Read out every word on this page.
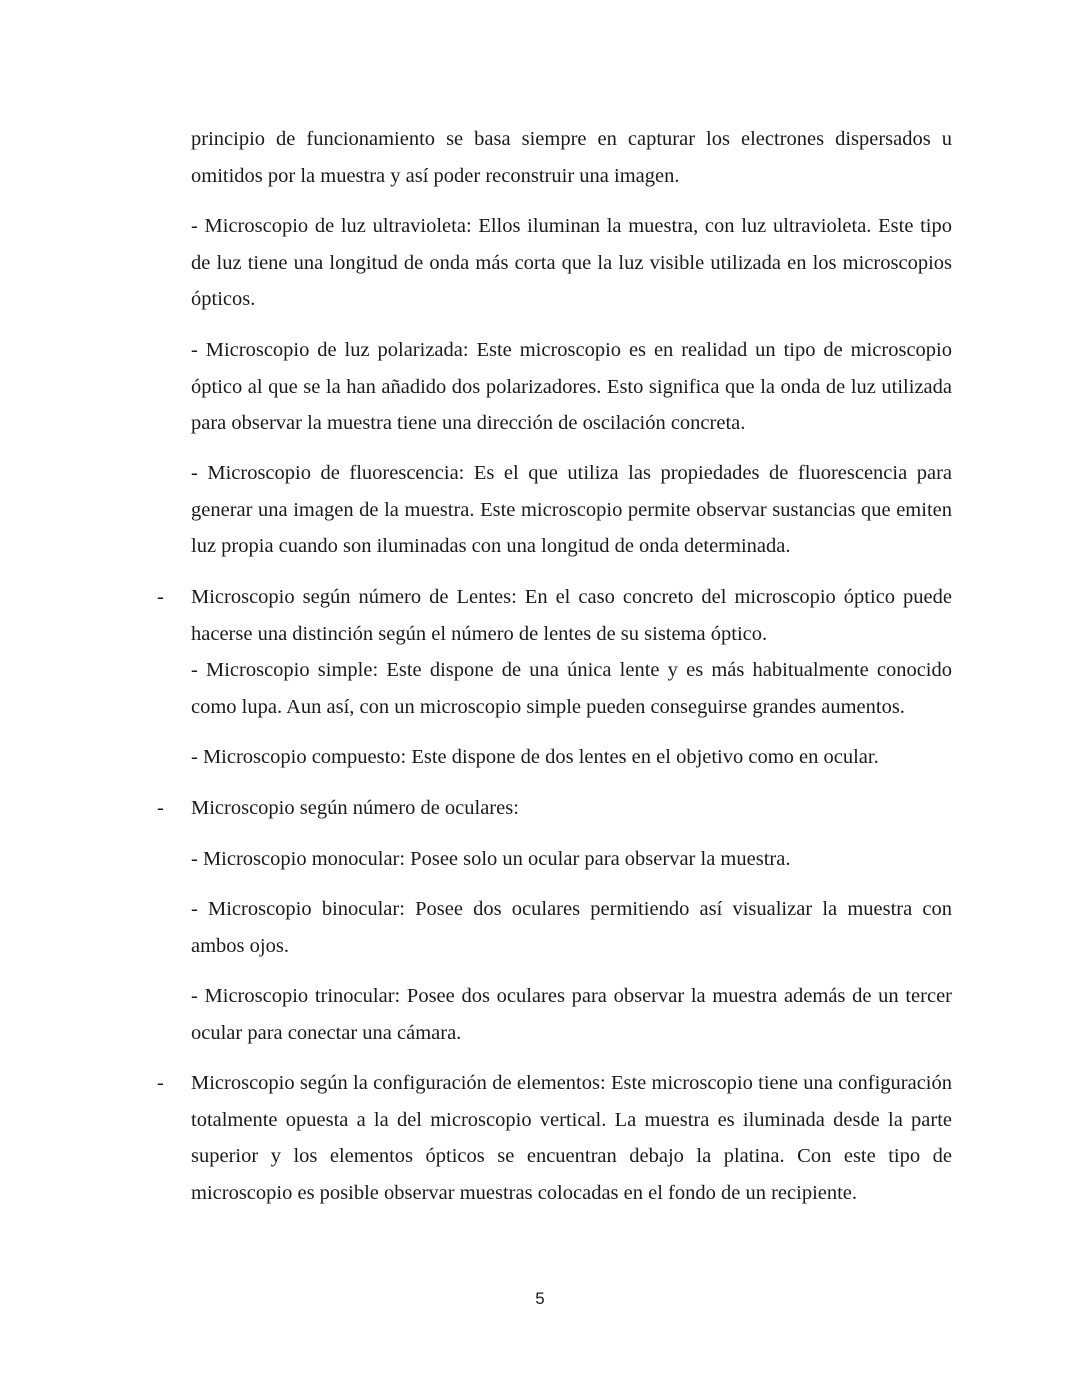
principio de funcionamiento se basa siempre en capturar los electrones dispersados u omitidos por la muestra y así poder reconstruir una imagen.

- Microscopio de luz ultravioleta: Ellos iluminan la muestra, con luz ultravioleta. Este tipo de luz tiene una longitud de onda más corta que la luz visible utilizada en los microscopios ópticos.

- Microscopio de luz polarizada: Este microscopio es en realidad un tipo de microscopio óptico al que se la han añadido dos polarizadores. Esto significa que la onda de luz utilizada para observar la muestra tiene una dirección de oscilación concreta.

- Microscopio de fluorescencia: Es el que utiliza las propiedades de fluorescencia para generar una imagen de la muestra. Este microscopio permite observar sustancias que emiten luz propia cuando son iluminadas con una longitud de onda determinada.

- Microscopio según número de Lentes: En el caso concreto del microscopio óptico puede hacerse una distinción según el número de lentes de su sistema óptico.

- Microscopio simple: Este dispone de una única lente y es más habitualmente conocido como lupa. Aun así, con un microscopio simple pueden conseguirse grandes aumentos.

- Microscopio compuesto: Este dispone de dos lentes en el objetivo como en ocular.

- Microscopio según número de oculares:

- Microscopio monocular: Posee solo un ocular para observar la muestra.

- Microscopio binocular: Posee dos oculares permitiendo así visualizar la muestra con ambos ojos.

- Microscopio trinocular: Posee dos oculares para observar la muestra además de un tercer ocular para conectar una cámara.

- Microscopio según la configuración de elementos: Este microscopio tiene una configuración totalmente opuesta a la del microscopio vertical. La muestra es iluminada desde la parte superior y los elementos ópticos se encuentran debajo la platina. Con este tipo de microscopio es posible observar muestras colocadas en el fondo de un recipiente.

5
